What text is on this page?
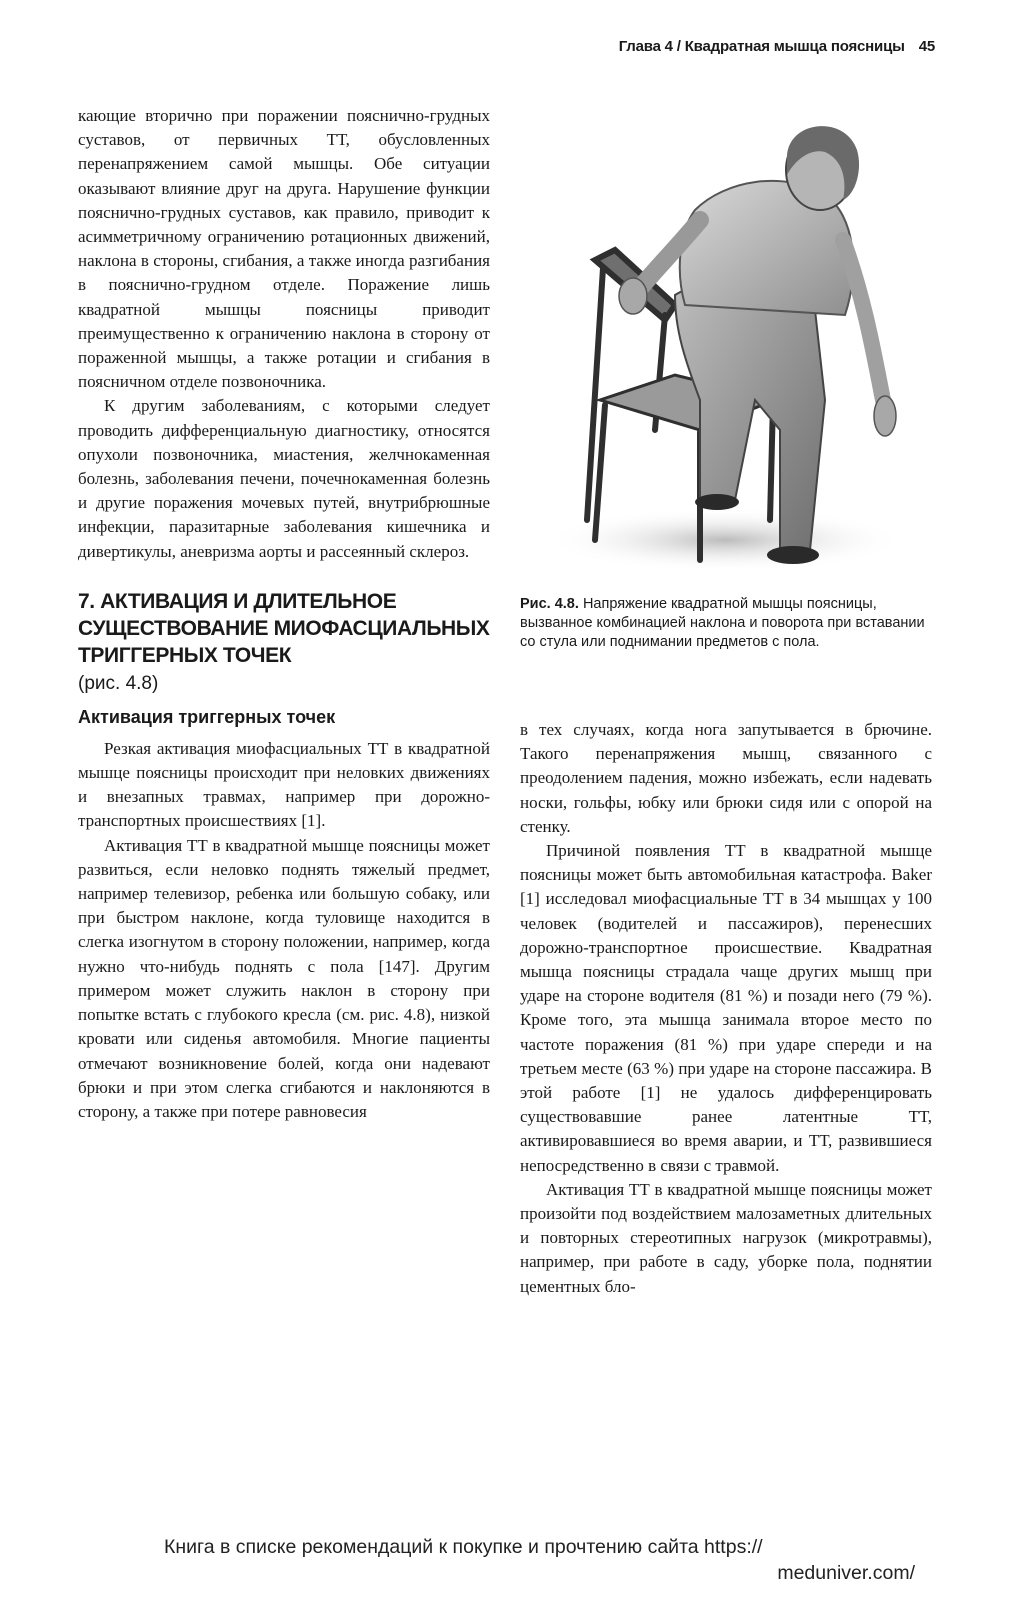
Глава 4 / Квадратная мышца поясницы 45

кающие вторично при поражении пояснично-грудных суставов, от первичных ТТ, обусловленных перенапряжением самой мышцы. Обе ситуации оказывают влияние друг на друга. Нарушение функции пояснично-грудных суставов, как правило, приводит к асимметричному ограничению ротационных движений, наклона в стороны, сгибания, а также иногда разгибания в пояснично-грудном отделе. Поражение лишь квадратной мышцы поясницы приводит преимущественно к ограничению наклона в сторону от пораженной мышцы, а также ротации и сгибания в поясничном отделе позвоночника.

К другим заболеваниям, с которыми следует проводить дифференциальную диагностику, относятся опухоли позвоночника, миастения, желчнокаменная болезнь, заболевания печени, почечнокаменная болезнь и другие поражения мочевых путей, внутрибрюшные инфекции, паразитарные заболевания кишечника и дивертикулы, аневризма аорты и рассеянный склероз.

7. АКТИВАЦИЯ И ДЛИТЕЛЬНОЕ СУЩЕСТВОВАНИЕ МИОФАСЦИАЛЬНЫХ ТРИГГЕРНЫХ ТОЧЕК
(рис. 4.8)
Активация триггерных точек

Резкая активация миофасциальных ТТ в квадратной мышце поясницы происходит при неловких движениях и внезапных травмах, например при дорожно-транспортных происшествиях [1].

Активация ТТ в квадратной мышце поясницы может развиться, если неловко поднять тяжелый предмет, например телевизор, ребенка или большую собаку, или при быстром наклоне, когда туловище находится в слегка изогнутом в сторону положении, например, когда нужно что-нибудь поднять с пола [147]. Другим примером может служить наклон в сторону при попытке встать с глубокого кресла (см. рис. 4.8), низкой кровати или сиденья автомобиля. Многие пациенты отмечают возникновение болей, когда они надевают брюки и при этом слегка сгибаются и наклоняются в сторону, а также при потере равновесия

Рис. 4.8. Напряжение квадратной мышцы поясницы, вызванное комбинацией наклона и поворота при вставании со стула или поднимании предметов с пола.

в тех случаях, когда нога запутывается в брючине. Такого перенапряжения мышц, связанного с преодолением падения, можно избежать, если надевать носки, гольфы, юбку или брюки сидя или с опорой на стенку.

Причиной появления ТТ в квадратной мышце поясницы может быть автомобильная катастрофа. Baker [1] исследовал миофасциальные ТТ в 34 мышцах у 100 человек (водителей и пассажиров), перенесших дорожно-транспортное происшествие. Квадратная мышца поясницы страдала чаще других мышц при ударе на стороне водителя (81 %) и позади него (79 %). Кроме того, эта мышца занимала второе место по частоте поражения (81 %) при ударе спереди и на третьем месте (63 %) при ударе на стороне пассажира. В этой работе [1] не удалось дифференцировать существовавшие ранее латентные ТТ, активировавшиеся во время аварии, и ТТ, развившиеся непосредственно в связи с травмой.

Активация ТТ в квадратной мышце поясницы может произойти под воздействием малозаметных длительных и повторных стереотипных нагрузок (микротравмы), например, при работе в саду, уборке пола, поднятии цементных бло-

Книга в списке рекомендаций к покупке и прочтению сайта https://
meduniver.com/
